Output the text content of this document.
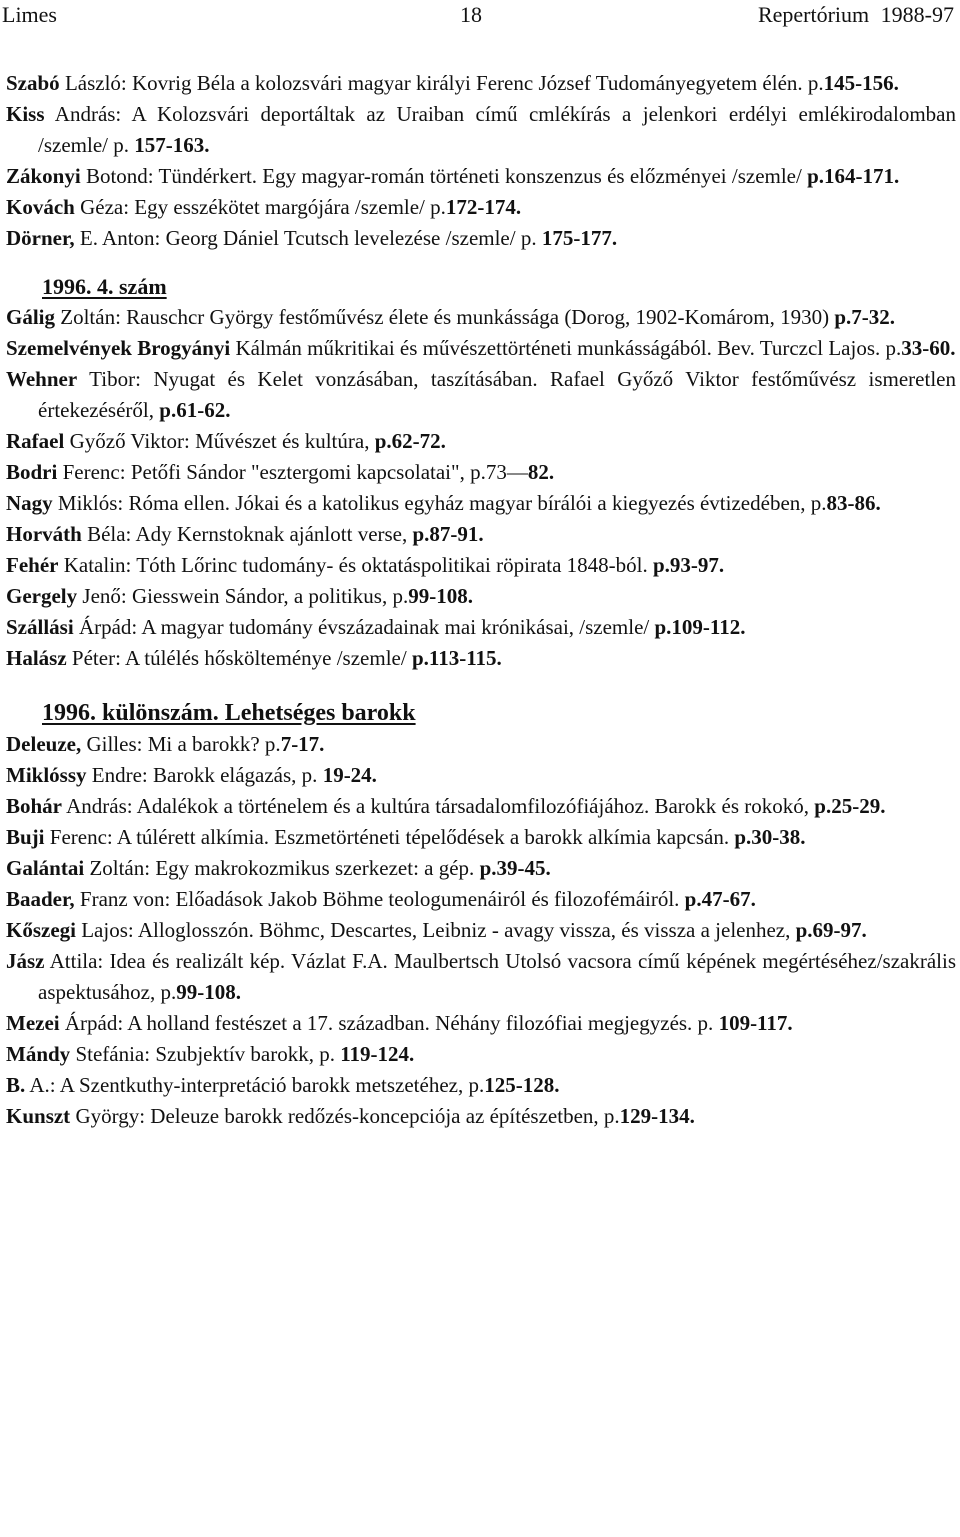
Limes	18	Repertórium 1988-97
Szabó László: Kovrig Béla a kolozsvári magyar királyi Ferenc József Tudományegyetem élén. p.145-156.
Kiss András: A Kolozsvári deportáltak az Uraiban című cmlékírás a jelenkori erdélyi emlékirodalomban /szemle/ p. 157-163.
Zákonyi Botond: Tündérkert. Egy magyar-román történeti konszenzus és előzményei /szemle/ p.164-171.
Kovách Géza: Egy esszékötet margójára /szemle/ p.172-174.
Dörner, E. Anton: Georg Dániel Tcutsch levelezése /szemle/ p. 175-177.
1996. 4. szám
Gálig Zoltán: Rauschcr György festőművész élete és munkássága (Dorog, 1902-Komárom, 1930) p.7-32.
Szemelvények Brogyányi Kálmán műkritikai és művészettörténeti munkásságából. Bev. Turczcl Lajos. p.33-60.
Wehner Tibor: Nyugat és Kelet vonzásában, taszításában. Rafael Győző Viktor festőművész ismeretlen értekezéséről, p.61-62.
Rafael Győző Viktor: Művészet és kultúra, p.62-72.
Bodri Ferenc: Petőfi Sándor "esztergomi kapcsolatai", p.73—82.
Nagy Miklós: Róma ellen. Jókai és a katolikus egyház magyar bírálói a kiegyezés évtizedében, p.83-86.
Horváth Béla: Ady Kernstoknak ajánlott verse, p.87-91.
Fehér Katalin: Tóth Lőrinc tudomány- és oktatáspolitikai röpirata 1848-ból. p.93-97.
Gergely Jenő: Giesswein Sándor, a politikus, p.99-108.
Szállási Árpád: A magyar tudomány évszázadainak mai krónikásai, /szemle/ p.109-112.
Halász Péter: A túlélés hősköltеménye /szemle/ p.113-115.
1996. különszám. Lehetséges barokk
Deleuze, Gilles: Mi a barokk? p.7-17.
Miklóssy Endre: Barokk elágazás, p. 19-24.
Bohár András: Adalékok a történelem és a kultúra társadalomfilozófiájához. Barokk és rokokó, p.25-29.
Buji Ferenc: A túlérett alkímia. Eszmetörténeti tépelődések a barokk alkímia kapcsán. p.30-38.
Galántai Zoltán: Egy makrokozmikus szerkezet: a gép. p.39-45.
Baader, Franz von: Előadások Jakob Böhme teologumenáiról és filozofémáiról. p.47-67.
Kőszegi Lajos: Alloglosszón. Böhmc, Descartes, Leibniz - avagy vissza, és vissza a jelenhez, p.69-97.
Jász Attila: Idea és realizált kép. Vázlat F.A. Maulbertsch Utolsó vacsora című képének megértéséhez/szakrális aspektusához, p.99-108.
Mezei Árpád: A holland festészet a 17. században. Néhány filozófiai megjegyzés. p. 109-117.
Mándy Stefánia: Szubjektív barokk, p. 119-124.
B. A.: A Szentkuthy-interpretáció barokk metszetéhez, p.125-128.
Kunszt György: Deleuze barokk redőzés-koncepciója az építészetben, p.129-134.
